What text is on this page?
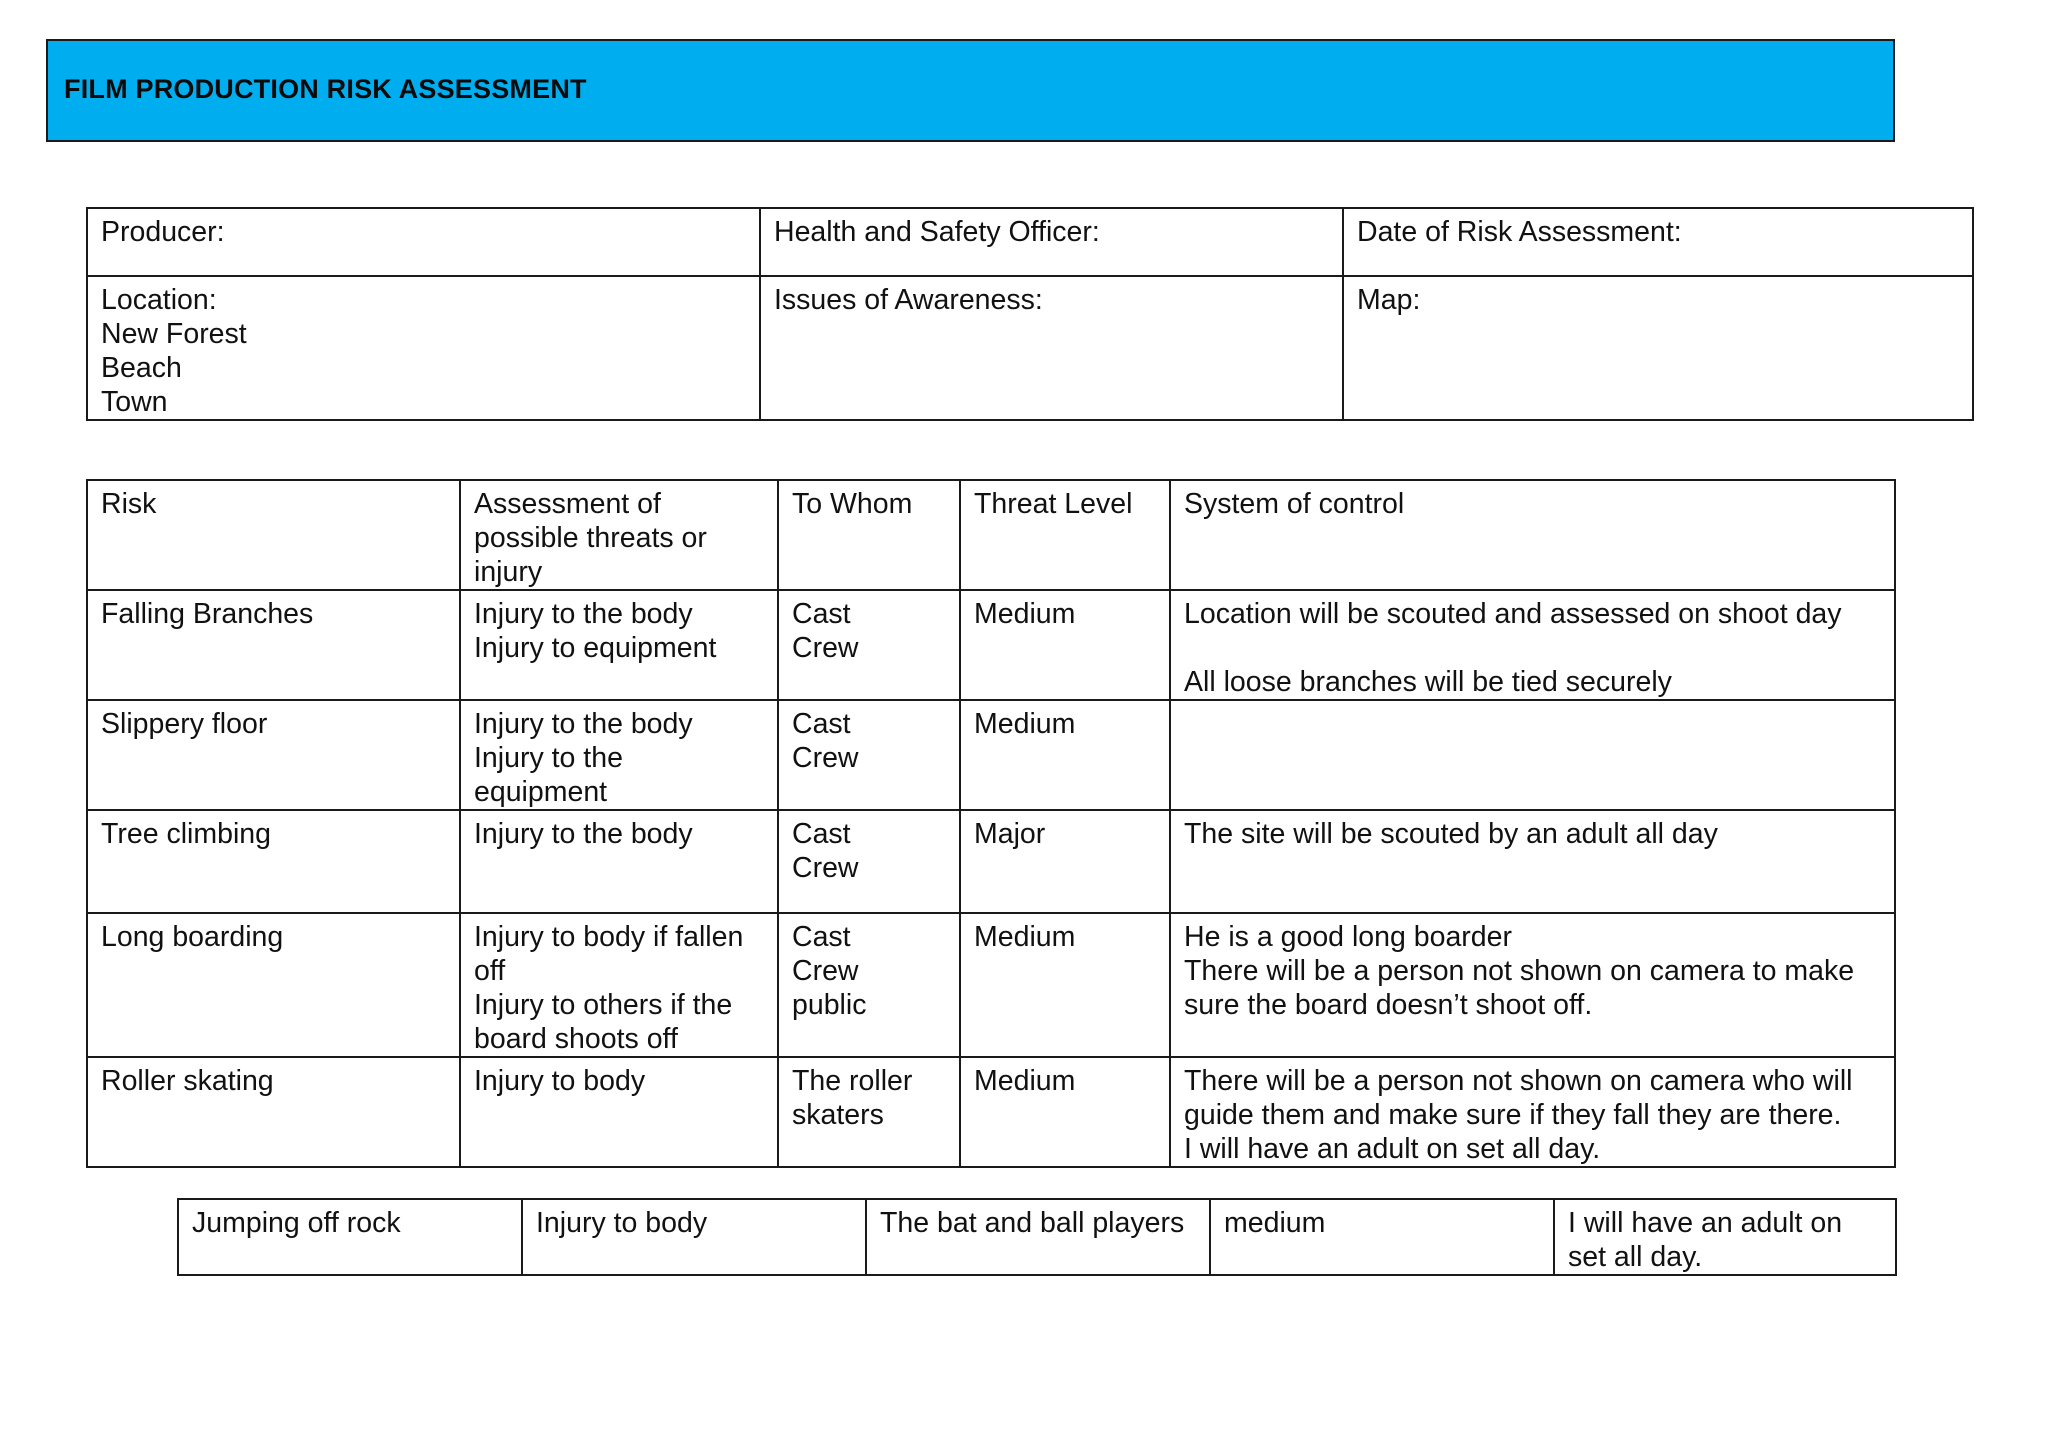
FILM PRODUCTION RISK ASSESSMENT
Producer:	Health and Safety Officer:	Date of Risk Assessment:

Location:
New Forest
Beach
Town	Issues of Awareness:	Map:
Risk	Assessment of
possible threats or
injury	To Whom	Threat Level	System of control

Falling Branches	Injury to the body
Injury to equipment	Cast
Crew	Medium	Location will be scouted and assessed on shoot day
All loose branches will be tied securely

Slippery floor	Injury to the body
Injury to the
equipment	Cast
Crew	Medium	

Tree climbing	Injury to the body	Cast
Crew	Major	The site will be scouted by an adult all day

Long boarding	Injury to body if fallen
off
Injury to others if the
board shoots off	Cast
Crew
public	Medium	He is a good long boarder
There will be a person not shown on camera to make
sure the board doesn’t shoot off.

Roller skating	Injury to body	The roller
skaters	Medium	There will be a person not shown on camera who will
guide them and make sure if they fall they are there.
I will have an adult on set all day.
Jumping off rock	Injury to body	The bat and ball players	medium	I will have an adult on
set all day.
